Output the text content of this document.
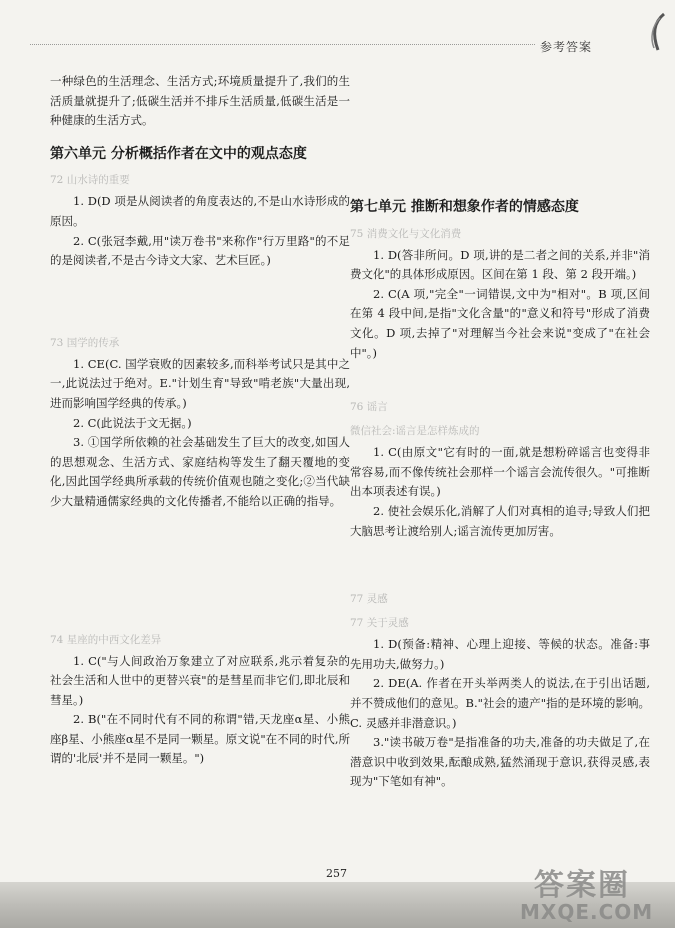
参考答案

一种绿色的生活理念、生活方式;环境质量提升了,我们的生活质量就提升了;低碳生活并不排斥生活质量,低碳生活是一种健康的生活方式。

第六单元 分析概括作者在文中的观点态度
72 山水诗的重要

1. D(D 项是从阅读者的角度表达的,不是山水诗形成的原因。

2. C(张冠李戴,用"读万卷书"来称作"行万里路"的不足的是阅读者,不是古今诗文大家、艺术巨匠。)

73 国学的传承

1. CE(C. 国学衰败的因素较多,而科举考试只是其中之一,此说法过于绝对。E."计划生育"导致"啃老族"大量出现,进而影响国学经典的传承。)

2. C(此说法于文无据。)

3. ①国学所依赖的社会基础发生了巨大的改变,如国人的思想观念、生活方式、家庭结构等发生了翻天覆地的变化,因此国学经典所承载的传统价值观也随之变化;②当代缺少大量精通儒家经典的文化传播者,不能给以正确的指导。

74 星座的中西文化差异

1. C("与人间政治万象建立了对应联系,兆示着复杂的社会生活和人世中的更替兴衰"的是彗星而非它们,即北辰和彗星。)

2. B("在不同时代有不同的称谓"错,天龙座α星、小熊座β星、小熊座α星不是同一颗星。原文说"在不同的时代,所谓的'北辰'并不是同一颗星。")

第七单元 推断和想象作者的情感态度
75 消费文化与文化消费

1. D(答非所问。D 项,讲的是二者之间的关系,并非"消费文化"的具体形成原因。区间在第 1 段、第 2 段开端。)

2. C(A 项,"完全"一词错误,文中为"相对"。B 项,区间在第 4 段中间,是指"文化含量"的"意义和符号"形成了消费文化。D 项,去掉了"对理解当今社会来说"变成了"在社会中"。)

76 谣言
微信社会:谣言是怎样炼成的

1. C(由原文"它有时的一面,就是想粉碎谣言也变得非常容易,而不像传统社会那样一个谣言会流传很久。"可推断出本项表述有误。)

2. 使社会娱乐化,消解了人们对真相的追寻;导致人们把大脑思考让渡给别人;谣言流传更加厉害。

77 灵感
77 关于灵感

1. D(预备:精神、心理上迎接、等候的状态。准备:事先用功夫,做努力。)

2. DE(A. 作者在开头举两类人的说法,在于引出话题,并不赞成他们的意见。B."社会的遗产"指的是环境的影响。C. 灵感并非潜意识。)

3."读书破万卷"是指准备的功夫,准备的功夫做足了,在潜意识中收到效果,酝酿成熟,猛然涌现于意识,获得灵感,表现为"下笔如有神"。

257	答案圈
MXQE.COM
